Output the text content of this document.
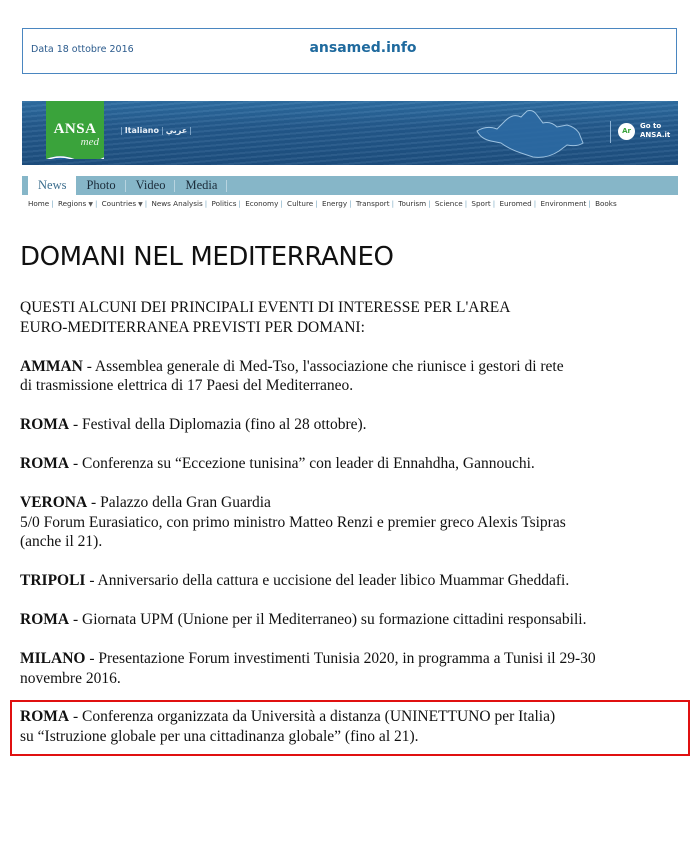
Data 18 ottobre 2016	ansamed.info
ANSA
med
| Italiano | عربي |	Ar
Go to
ANSA.it
News	Photo	Video	Media
Home | Regions ▼ | Countries ▼ | News Analysis | Politics | Economy | Culture | Energy | Transport | Tourism | Science | Sport | Euromed | Environment | Books
DOMANI NEL MEDITERRANEO

QUESTI ALCUNI DEI PRINCIPALI EVENTI DI INTERESSE PER L'AREA
EURO-MEDITERRANEA PREVISTI PER DOMANI:

AMMAN - Assemblea generale di Med-Tso, l'associazione che riunisce i gestori di rete
di trasmissione elettrica di 17 Paesi del Mediterraneo.

ROMA - Festival della Diplomazia (fino al 28 ottobre).

ROMA - Conferenza su “Eccezione tunisina” con leader di Ennahdha, Gannouchi.

VERONA - Palazzo della Gran Guardia
5/0 Forum Eurasiatico, con primo ministro Matteo Renzi e premier greco Alexis Tsipras
(anche il 21).

TRIPOLI - Anniversario della cattura e uccisione del leader libico Muammar Gheddafi.

ROMA - Giornata UPM (Unione per il Mediterraneo) su formazione cittadini responsabili.

MILANO - Presentazione Forum investimenti Tunisia 2020, in programma a Tunisi il 29-30
novembre 2016.

ROMA - Conferenza organizzata da Università a distanza (UNINETTUNO per Italia)
su “Istruzione globale per una cittadinanza globale” (fino al 21).
